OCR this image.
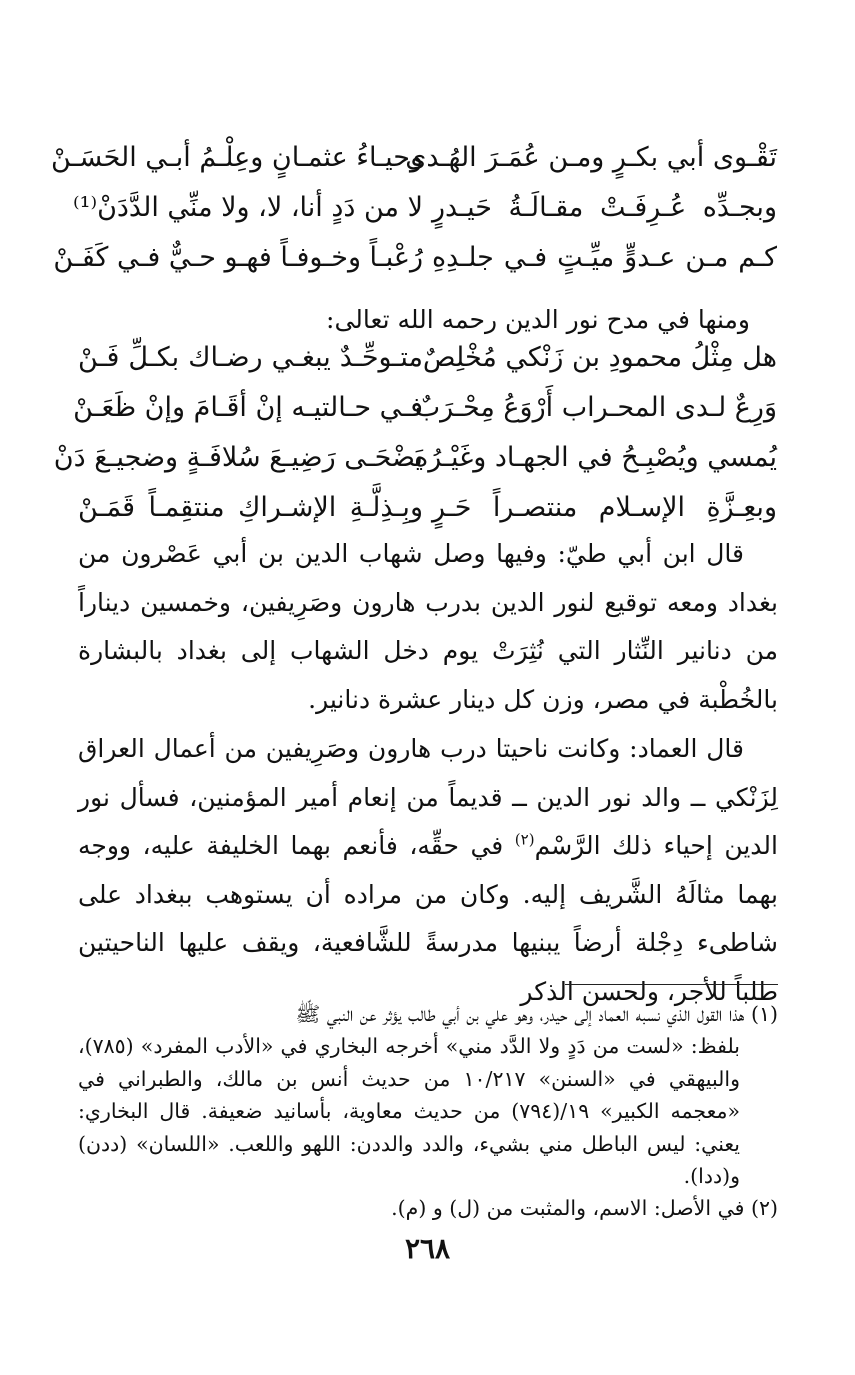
تَقْـوى أبي بكـرٍ ومـن عُمَـرَ الهُـدى
وحيـاءُ عثمـانٍ وعِلْـمُ أبـي الحَسَـنْ
وبجـدِّه عُـرِفَـتْ مقـالَـةُ حَيـدرٍ
لا من دَدٍ أنا، لا، ولا منِّي الدَّدَنْ⁽¹⁾
كـم مـن عـدوٍّ ميِّـتٍ فـي جلـدِهِ
رُعْبـاً وخـوفـاً فهـو حـيٌّ فـي كَفَـنْ
ومنها في مدح نور الدين رحمه الله تعالى:
هل مِثْلُ محمودِ بن زَنْكي مُخْلِصٌ
متـوحِّـدٌ يبغـي رضـاك بكـلِّ فَـنْ
وَرِعٌ لـدى المحـراب أَرْوَعُ مِحْـرَبٌ
فـي حـالتيـه إنْ أقَـامَ وإنْ ظَعَـنْ
يُمسي ويُصْبِـحُ في الجهـاد وغَيْـرُه
يَضْحَـى رَضِيـعَ سُلافَـةٍ وضجيـعَ دَنْ
وبعِـزَّةِ الإسـلام منتصـراً حَـرٍ
وبِـذِلَّـةِ الإشـراكِ منتقِمـاً قَمَـنْ

قال ابن أبي طيّ: وفيها وصل شهاب الدين بن أبي عَصْرون من بغداد ومعه توقيع لنور الدين بدرب هارون وصَرِيفين، وخمسين ديناراً من دنانير النِّثار التي نُثِرَتْ يوم دخل الشهاب إلى بغداد بالبشارة بالخُطْبة في مصر، وزن كل دينار عشرة دنانير.

قال العماد: وكانت ناحيتا درب هارون وصَرِيفين من أعمال العراق لِزَنْكي ــ والد نور الدين ــ قديماً من إنعام أمير المؤمنين، فسأل نور الدين إحياء ذلك الرَّسْم$^{(٢)}$ في حقِّه، فأنعم بهما الخليفة عليه، ووجه بهما مثالَهُ الشَّريف إليه. وكان من مراده أن يستوهب ببغداد على شاطىء دِجْلة أرضاً يبنيها مدرسةً للشَّافعية، ويقف عليها الناحيتين طلباً للأجر، ولحسن الذكر

(١) هذا القول الذي نسبه العماد إلى حيدر، وهو علي بن أبي طالب يؤثر عن النبي ﷺ

بلفظ: «لست من دَدٍ ولا الدَّد مني» أخرجه البخاري في «الأدب المفرد» (٧٨٥)، والبيهقي في «السنن» ١٠/٢١٧ من حديث أنس بن مالك، والطبراني في «معجمه الكبير» ١٩/(٧٩٤) من حديث معاوية، بأسانيد ضعيفة. قال البخاري: يعني: ليس الباطل مني بشيء، والدد والددن: اللهو واللعب. «اللسان» (ددن) و(ددا).

(٢) في الأصل: الاسم، والمثبت من (ل) و (م).

٢٦٨
